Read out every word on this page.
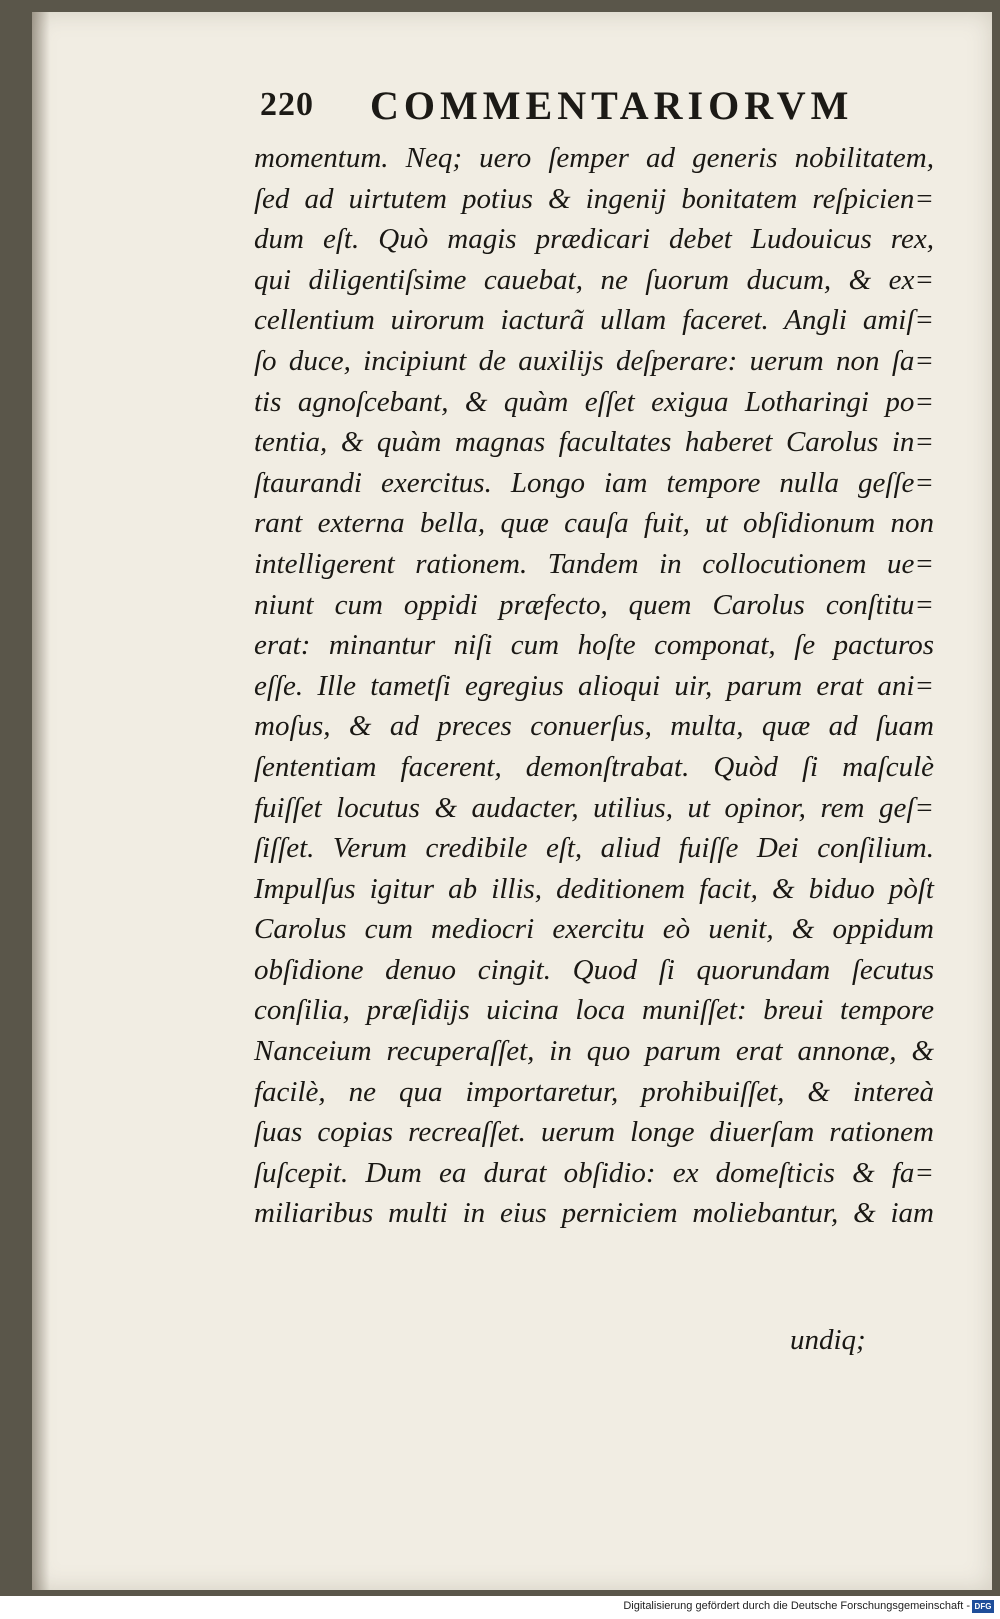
220 COMMENTARIORVM
momentum. Neq; uero ſemper ad generis nobilitatem,
ſed ad uirtutem potius & ingenij bonitatem reſpicien=
dum eſt. Quò magis prædicari debet Ludouicus rex,
qui diligentiſsime cauebat, ne ſuorum ducum, & ex=
cellentium uirorum iacturã ullam faceret. Angli amiſ=
ſo duce, incipiunt de auxilijs deſperare: uerum non ſa=
tis agnoſcebant, & quàm eſſet exigua Lotharingi po=
tentia, & quàm magnas facultates haberet Carolus in=
ſtaurandi exercitus. Longo iam tempore nulla geſſe=
rant externa bella, quæ cauſa fuit, ut obſidionum non
intelligerent rationem. Tandem in collocutionem ue=
niunt cum oppidi præfecto, quem Carolus conſtitu=
erat: minantur niſi cum hoſte componat, ſe pacturos
eſſe. Ille tametſi egregius alioqui uir, parum erat ani=
moſus, & ad preces conuerſus, multa, quæ ad ſuam
ſententiam facerent, demonſtrabat. Quòd ſi maſculè
fuiſſet locutus & audacter, utilius, ut opinor, rem geſ=
ſiſſet. Verum credibile eſt, aliud fuiſſe Dei conſilium.
Impulſus igitur ab illis, deditionem facit, & biduo pòſt
Carolus cum mediocri exercitu eò uenit, & oppidum
obſidione denuo cingit. Quod ſi quorundam ſecutus
conſilia, præſidijs uicina loca muniſſet: breui tempore
Nanceium recuperaſſet, in quo parum erat annonæ, &
facilè, ne qua importaretur, prohibuiſſet, & intereà
ſuas copias recreaſſet. uerum longe diuerſam rationem
ſuſcepit. Dum ea durat obſidio: ex domeſticis & fa=
miliaribus multi in eius perniciem moliebantur, & iam
undiq;
Digitalisierung gefördert durch die Deutsche Forschungsgemeinschaft - DFG
